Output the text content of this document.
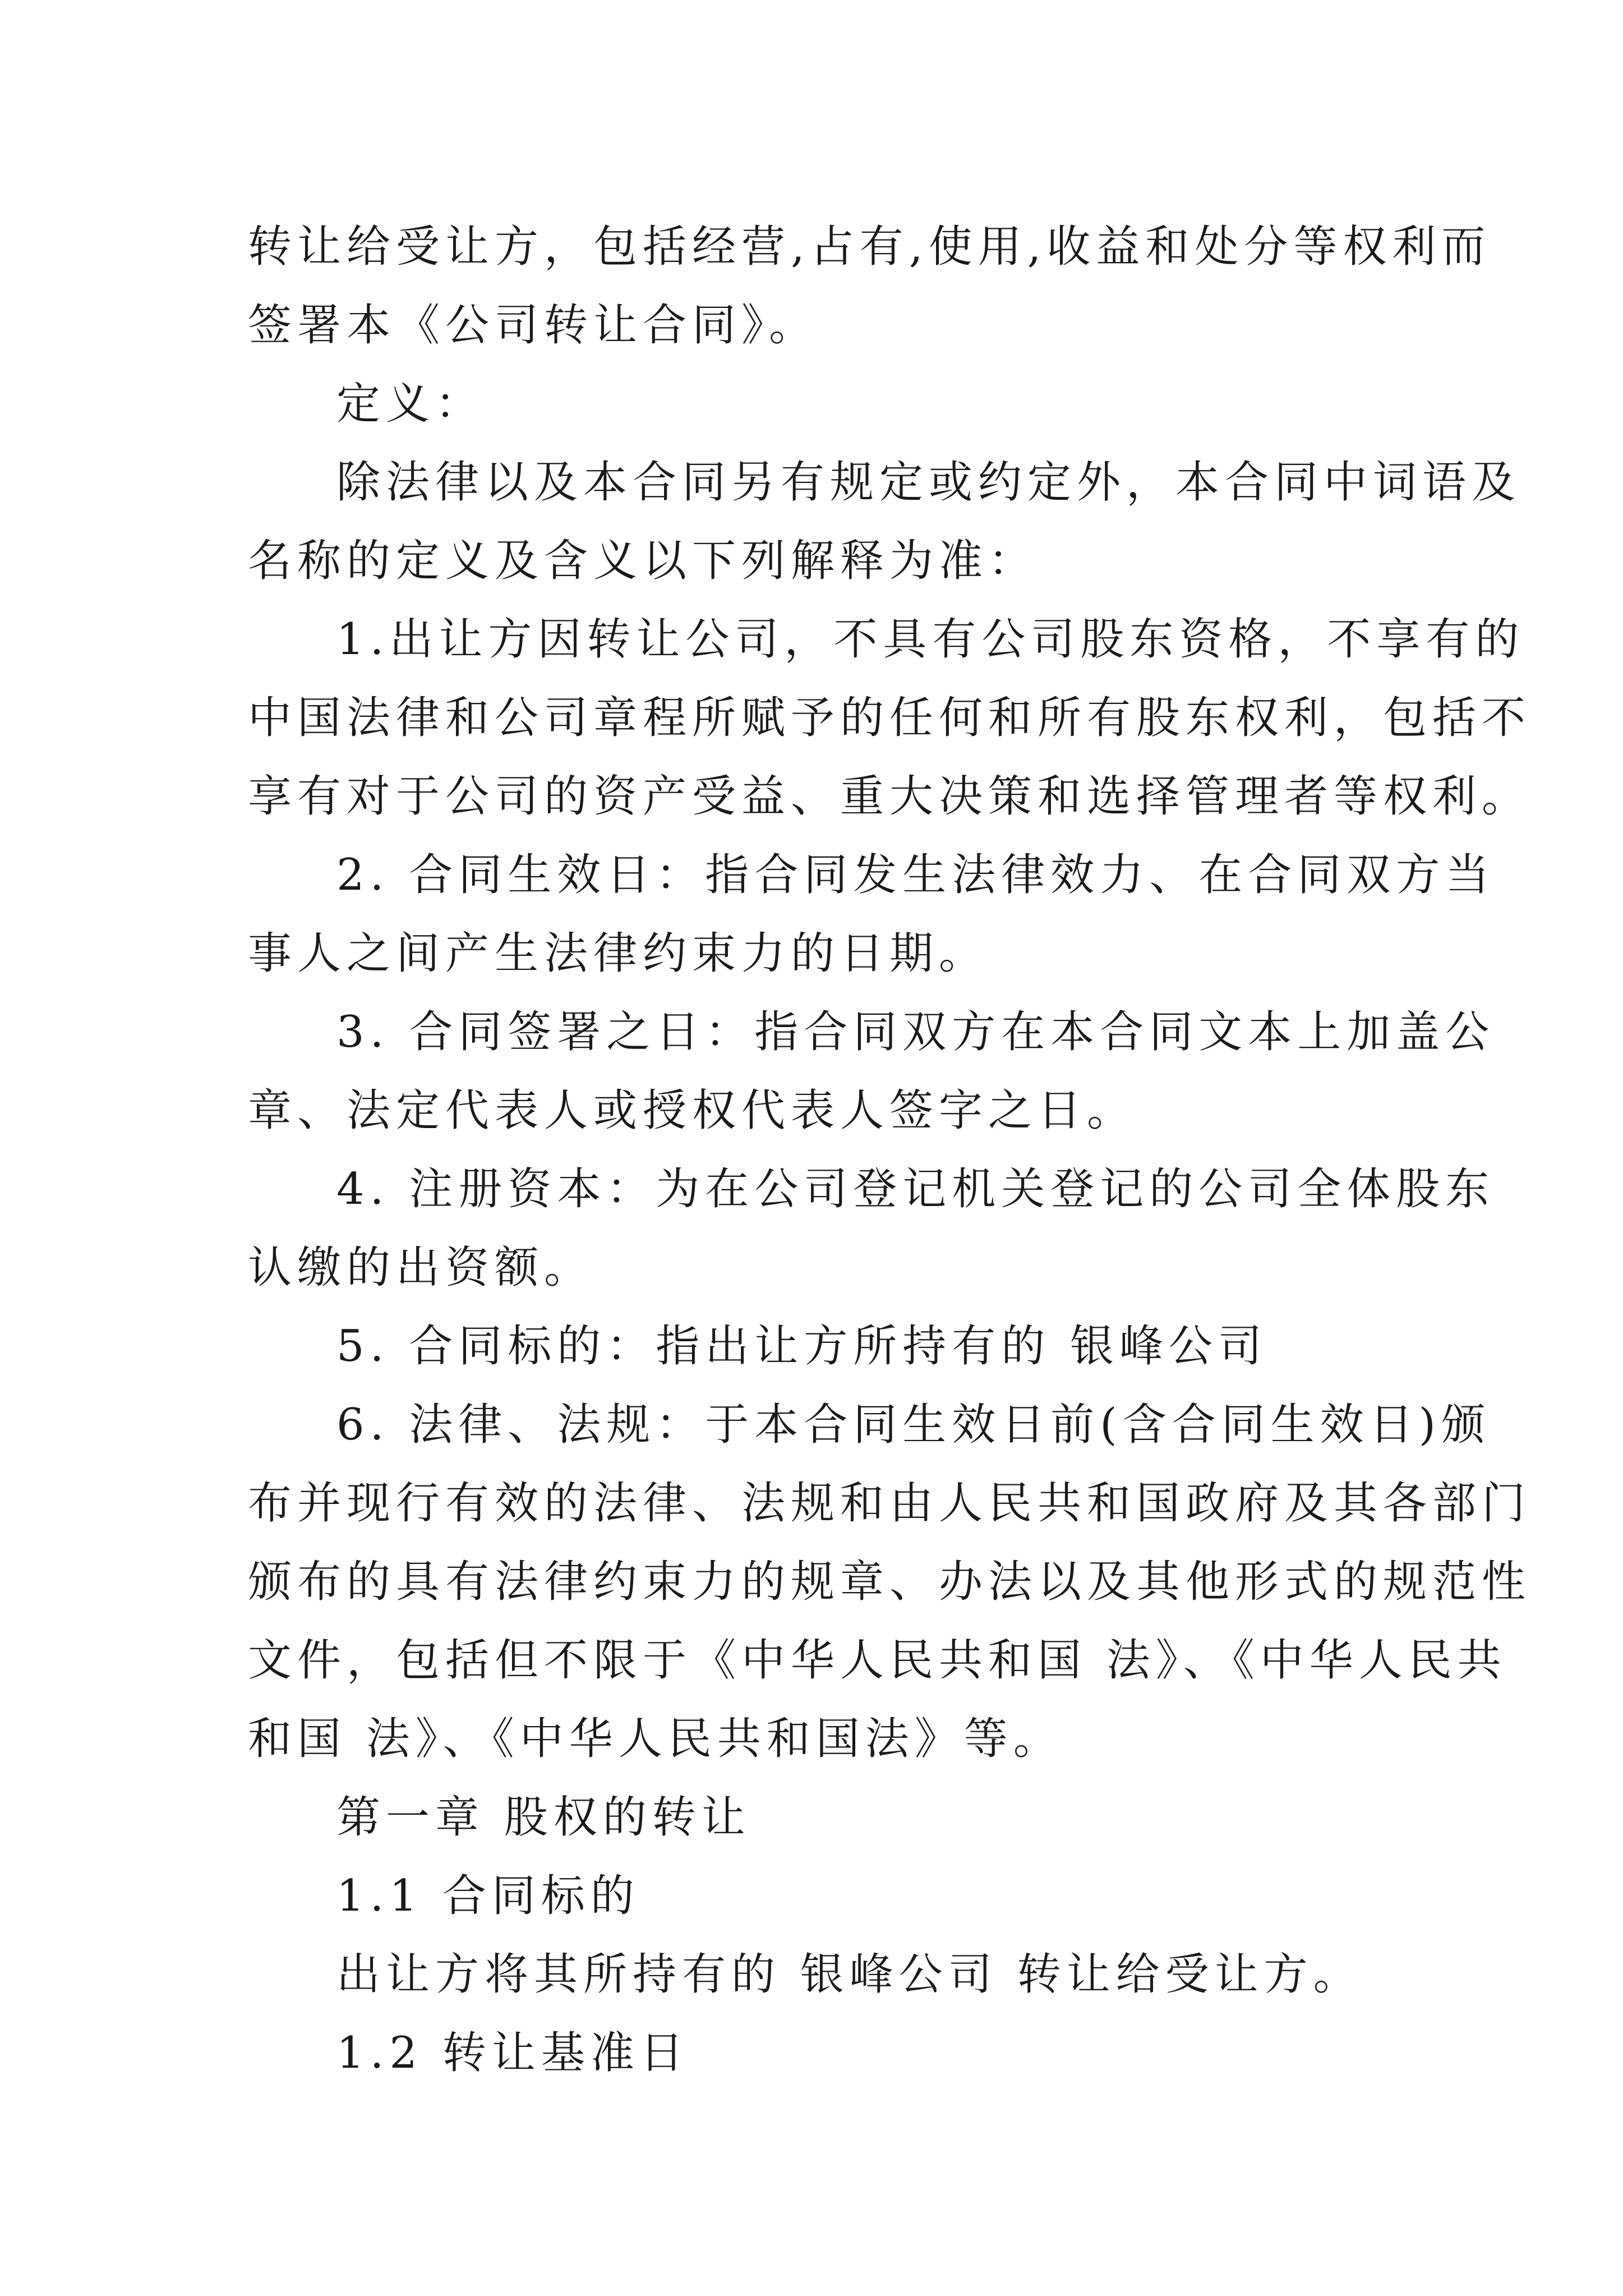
转让给受让方，包括经营,占有,使用,收益和处分等权利而
签署本《公司转让合同》。
定义：
除法律以及本合同另有规定或约定外，本合同中词语及
名称的定义及含义以下列解释为准：
1.出让方因转让公司，不具有公司股东资格，不享有的
中国法律和公司章程所赋予的任何和所有股东权利，包括不
享有对于公司的资产受益、重大决策和选择管理者等权利。
2. 合同生效日：指合同发生法律效力、在合同双方当
事人之间产生法律约束力的日期。
3. 合同签署之日：指合同双方在本合同文本上加盖公
章、法定代表人或授权代表人签字之日。
4. 注册资本：为在公司登记机关登记的公司全体股东
认缴的出资额。
5. 合同标的：指出让方所持有的 银峰公司
6. 法律、法规：于本合同生效日前(含合同生效日)颁
布并现行有效的法律、法规和由人民共和国政府及其各部门
颁布的具有法律约束力的规章、办法以及其他形式的规范性
文件，包括但不限于《中华人民共和国 法》、《中华人民共
和国 法》、《中华人民共和国法》等。
第一章 股权的转让
1.1 合同标的
出让方将其所持有的 银峰公司 转让给受让方。
1.2 转让基准日
